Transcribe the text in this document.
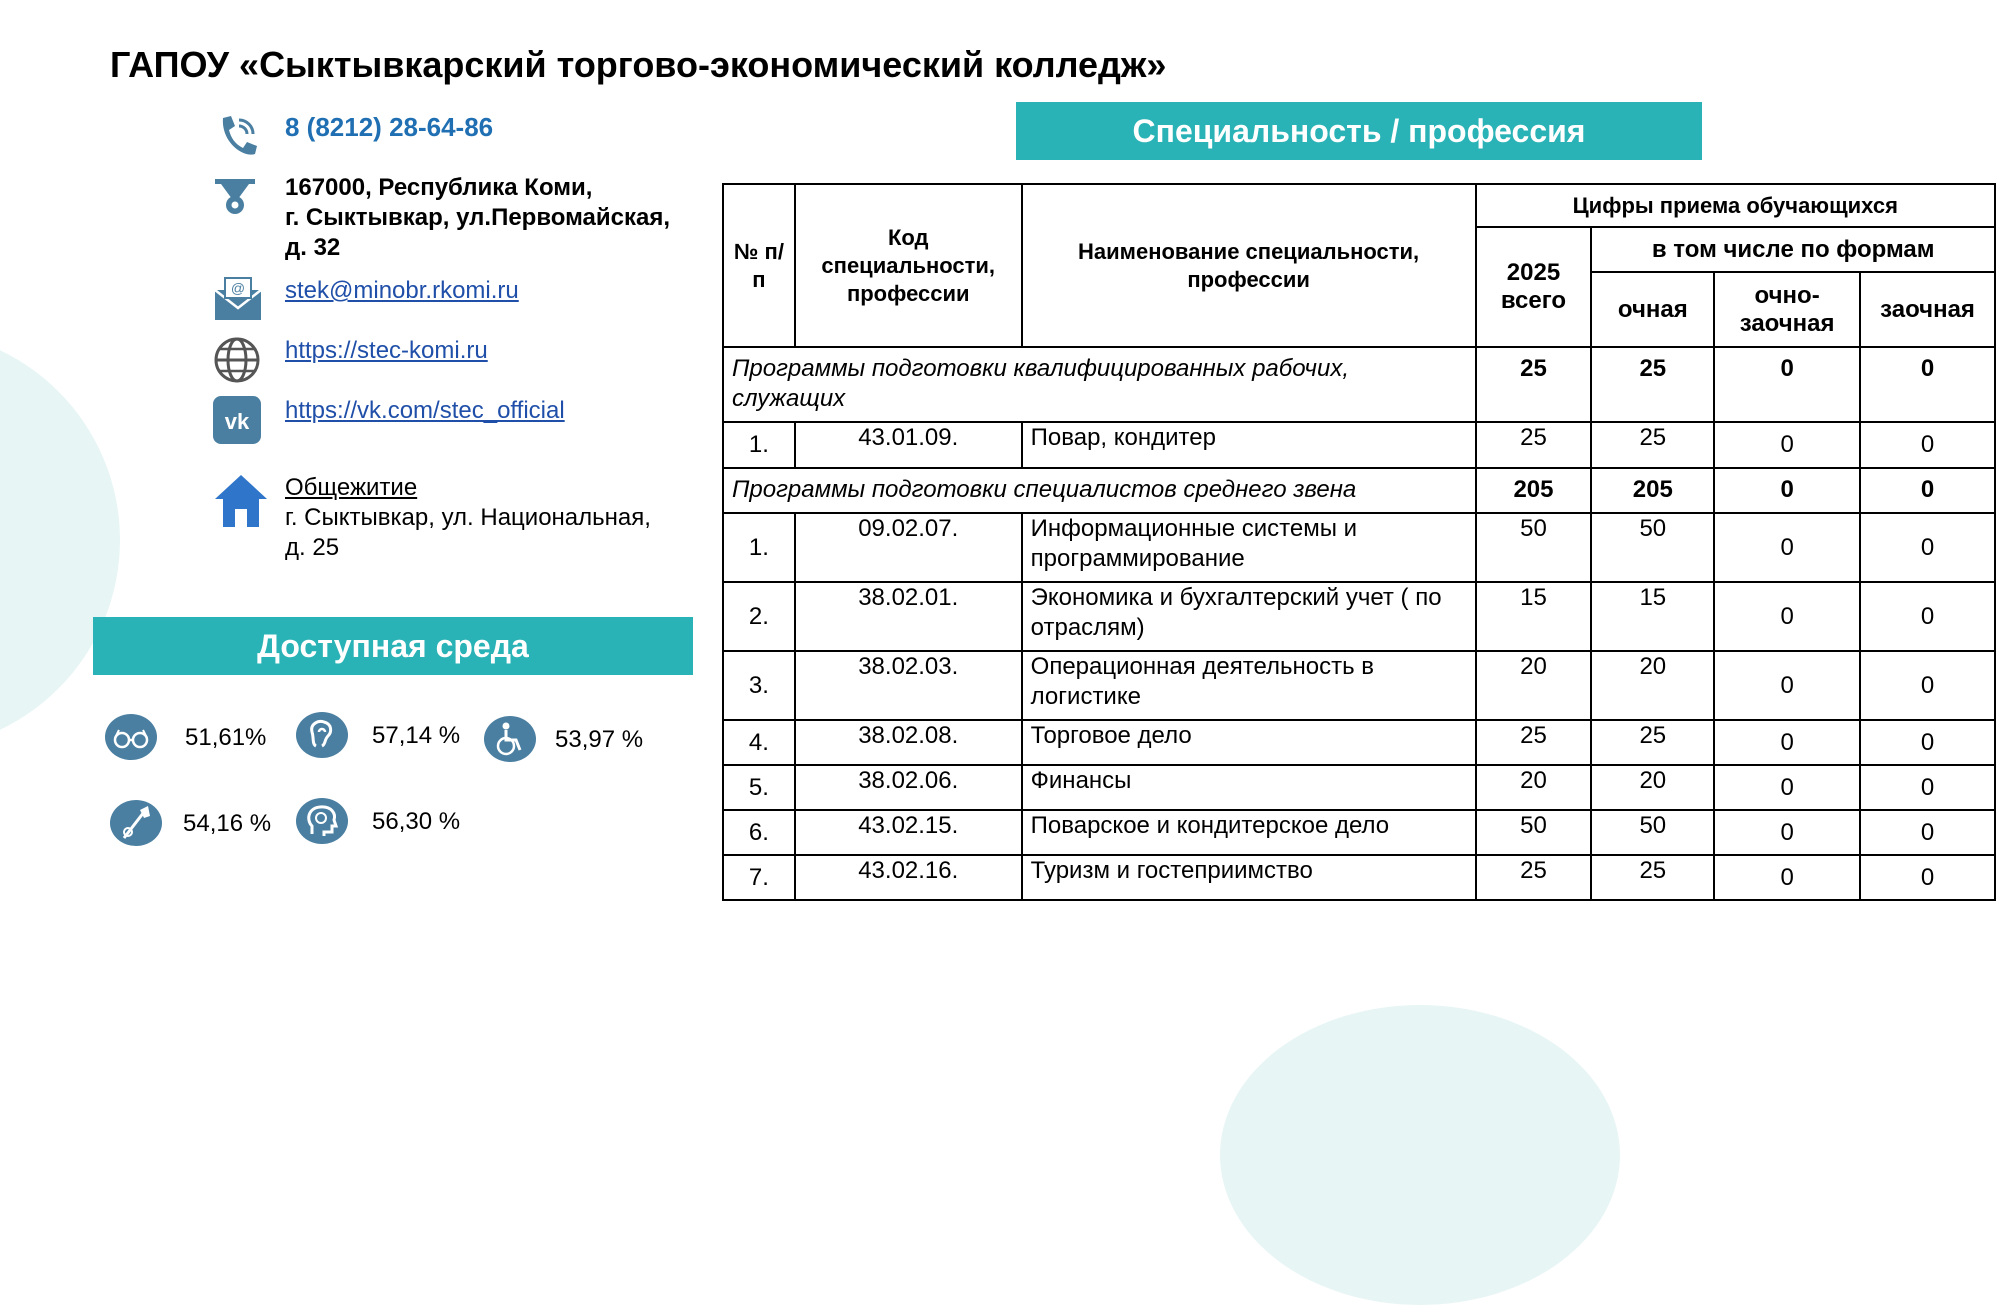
ГАПОУ «Сыктывкарский торгово-экономический колледж»
8 (8212) 28-64-86
167000, Республика Коми,
г. Сыктывкар, ул.Первомайская,
д. 32
@ stek@minobr.rkomi.ru
https://stec-komi.ru
vk https://vk.com/stec_official
Общежитие
г. Сыктывкар, ул. Национальная,
д. 25
Специальность / профессия
Доступная среда
51,61%	57,14 %	53,97 %
54,16 %	56,30 %
№ п/п	Код специальности, профессии	Наименование специальности, профессии	Цифры приема обучающихся			
			2025 всего	в том числе по формам		
				очная	очно-заочная	заочная
Программы подготовки квалифицированных рабочих, служащих			25	25	0	0
1.	43.01.09.	Повар, кондитер	25	25	0	0
Программы подготовки специалистов среднего звена			205	205	0	0
1.	09.02.07.	Информационные системы и программирование	50	50	0	0
2.	38.02.01.	Экономика и бухгалтерский учет ( по отраслям)	15	15	0	0
3.	38.02.03.	Операционная деятельность в логистике	20	20	0	0
4.	38.02.08.	Торговое дело	25	25	0	0
5.	38.02.06.	Финансы	20	20	0	0
6.	43.02.15.	Поварское и кондитерское дело	50	50	0	0
7.	43.02.16.	Туризм и гостеприимство	25	25	0	0
